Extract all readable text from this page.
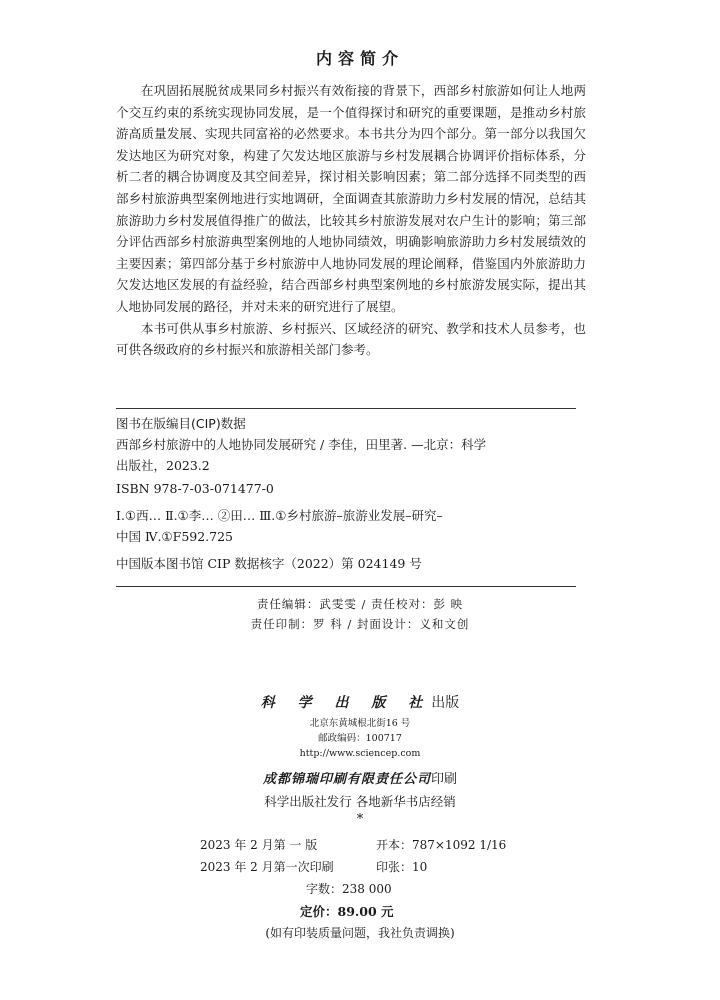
内容简介

在巩固拓展脱贫成果同乡村振兴有效衔接的背景下，西部乡村旅游如何让人地两个交互约束的系统实现协同发展，是一个值得探讨和研究的重要课题，是推动乡村旅游高质量发展、实现共同富裕的必然要求。本书共分为四个部分。第一部分以我国欠发达地区为研究对象，构建了欠发达地区旅游与乡村发展耦合协调评价指标体系，分析二者的耦合协调度及其空间差异，探讨相关影响因素；第二部分选择不同类型的西部乡村旅游典型案例地进行实地调研，全面调查其旅游助力乡村发展的情况，总结其旅游助力乡村发展值得推广的做法，比较其乡村旅游发展对农户生计的影响；第三部分评估西部乡村旅游典型案例地的人地协同绩效，明确影响旅游助力乡村发展绩效的主要因素；第四部分基于乡村旅游中人地协同发展的理论阐释，借鉴国内外旅游助力欠发达地区发展的有益经验，结合西部乡村典型案例地的乡村旅游发展实际，提出其人地协同发展的路径，并对未来的研究进行了展望。

本书可供从事乡村旅游、乡村振兴、区域经济的研究、教学和技术人员参考，也可供各级政府的乡村振兴和旅游相关部门参考。

图书在版编目(CIP)数据

西部乡村旅游中的人地协同发展研究 / 李佳，田里著. —北京：科学

出版社，2023.2

ISBN 978-7-03-071477-0

Ⅰ.①西… Ⅱ.①李… ②田… Ⅲ.①乡村旅游–旅游业发展–研究–

中国 Ⅳ.①F592.725

中国版本图书馆 CIP 数据核字（2022）第 024149 号

责任编辑：武雯雯 / 责任校对：彭 映
责任印制：罗 科 / 封面设计：义和文创
科 学 出 版 社出版
北京东黄城根北街16 号
邮政编码：100717
http://www.sciencep.com
成都锦瑞印刷有限责任公司印刷
科学出版社发行 各地新华书店经销
*
2023 年 2 月第 一 版	开本：787×1092 1/16
2023 年 2 月第一次印刷	印张：10
字数：238 000
定价：89.00 元
(如有印装质量问题，我社负责调换)
